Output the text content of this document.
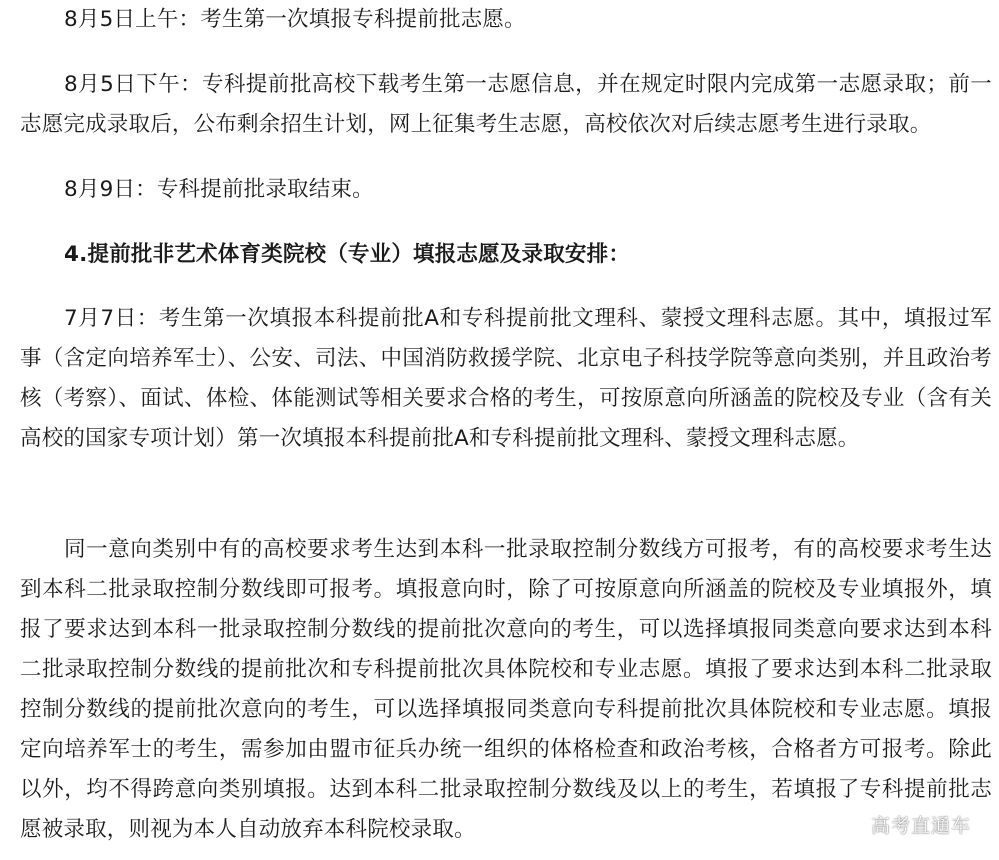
8月5日上午：考生第一次填报专科提前批志愿。

8月5日下午：专科提前批高校下载考生第一志愿信息，并在规定时限内完成第一志愿录取；前一志愿完成录取后，公布剩余招生计划，网上征集考生志愿，高校依次对后续志愿考生进行录取。

8月9日：专科提前批录取结束。

4.提前批非艺术体育类院校（专业）填报志愿及录取安排：

7月7日：考生第一次填报本科提前批A和专科提前批文理科、蒙授文理科志愿。其中，填报过军事（含定向培养军士）、公安、司法、中国消防救援学院、北京电子科技学院等意向类别，并且政治考核（考察）、面试、体检、体能测试等相关要求合格的考生，可按原意向所涵盖的院校及专业（含有关高校的国家专项计划）第一次填报本科提前批A和专科提前批文理科、蒙授文理科志愿。

同一意向类别中有的高校要求考生达到本科一批录取控制分数线方可报考，有的高校要求考生达到本科二批录取控制分数线即可报考。填报意向时，除了可按原意向所涵盖的院校及专业填报外，填报了要求达到本科一批录取控制分数线的提前批次意向的考生，可以选择填报同类意向要求达到本科二批录取控制分数线的提前批次和专科提前批次具体院校和专业志愿。填报了要求达到本科二批录取控制分数线的提前批次意向的考生，可以选择填报同类意向专科提前批次具体院校和专业志愿。填报定向培养军士的考生，需参加由盟市征兵办统一组织的体格检查和政治考核，合格者方可报考。除此以外，均不得跨意向类别填报。达到本科二批录取控制分数线及以上的考生，若填报了专科提前批志愿被录取，则视为本人自动放弃本科院校录取。	高考直通车
